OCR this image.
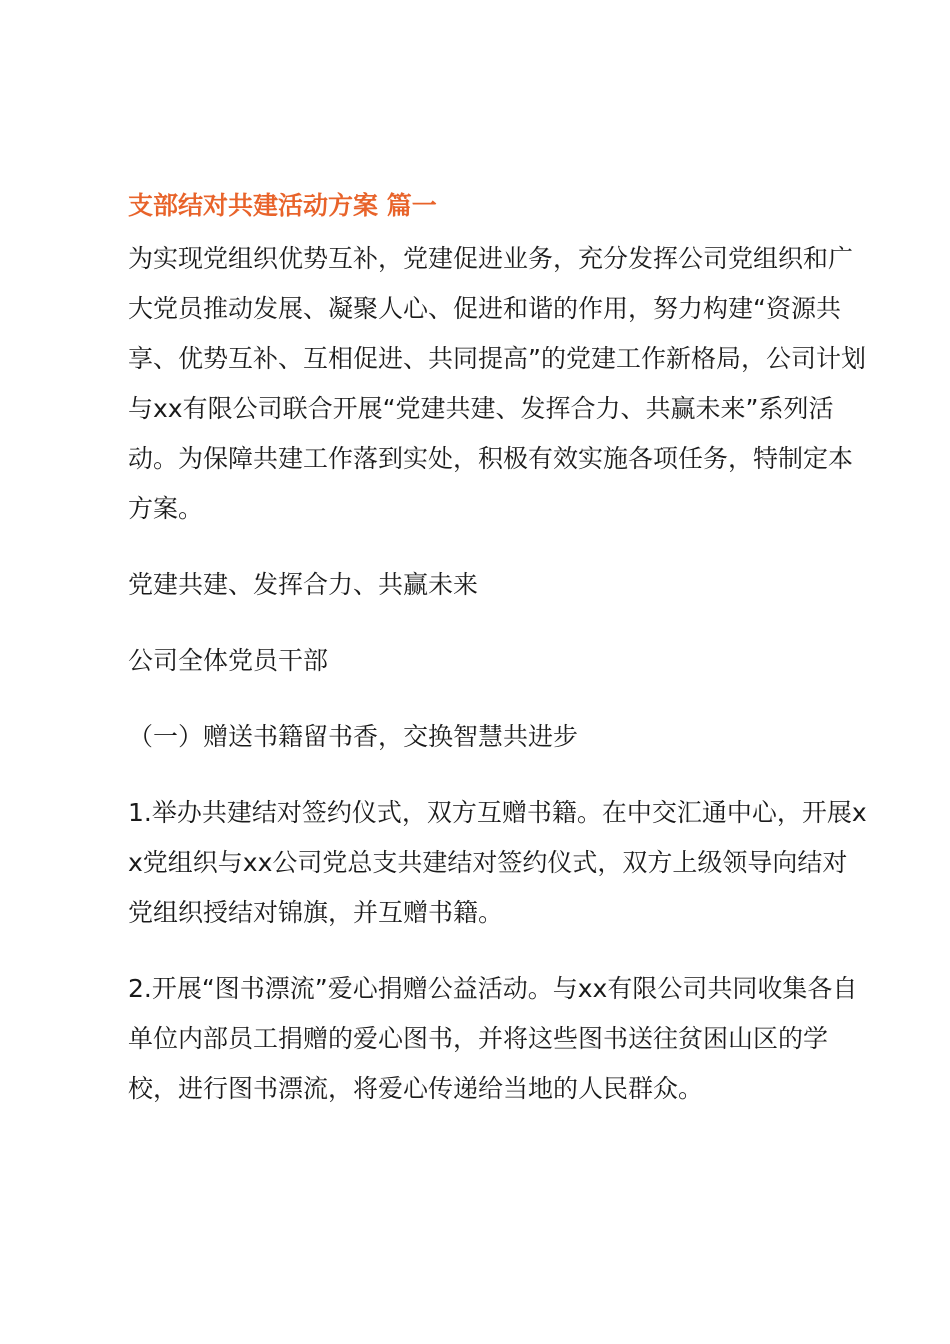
支部结对共建活动方案 篇一

为实现党组织优势互补，党建促进业务，充分发挥公司党组织和广大党员推动发展、凝聚人心、促进和谐的作用，努力构建“资源共享、优势互补、互相促进、共同提高”的党建工作新格局，公司计划与xx有限公司联合开展“党建共建、发挥合力、共赢未来”系列活动。为保障共建工作落到实处，积极有效实施各项任务，特制定本方案。

党建共建、发挥合力、共赢未来

公司全体党员干部

（一）赠送书籍留书香，交换智慧共进步

1.举办共建结对签约仪式，双方互赠书籍。在中交汇通中心，开展xx党组织与xx公司党总支共建结对签约仪式，双方上级领导向结对党组织授结对锦旗，并互赠书籍。

2.开展“图书漂流”爱心捐赠公益活动。与xx有限公司共同收集各自单位内部员工捐赠的爱心图书，并将这些图书送往贫困山区的学校，进行图书漂流，将爱心传递给当地的人民群众。
